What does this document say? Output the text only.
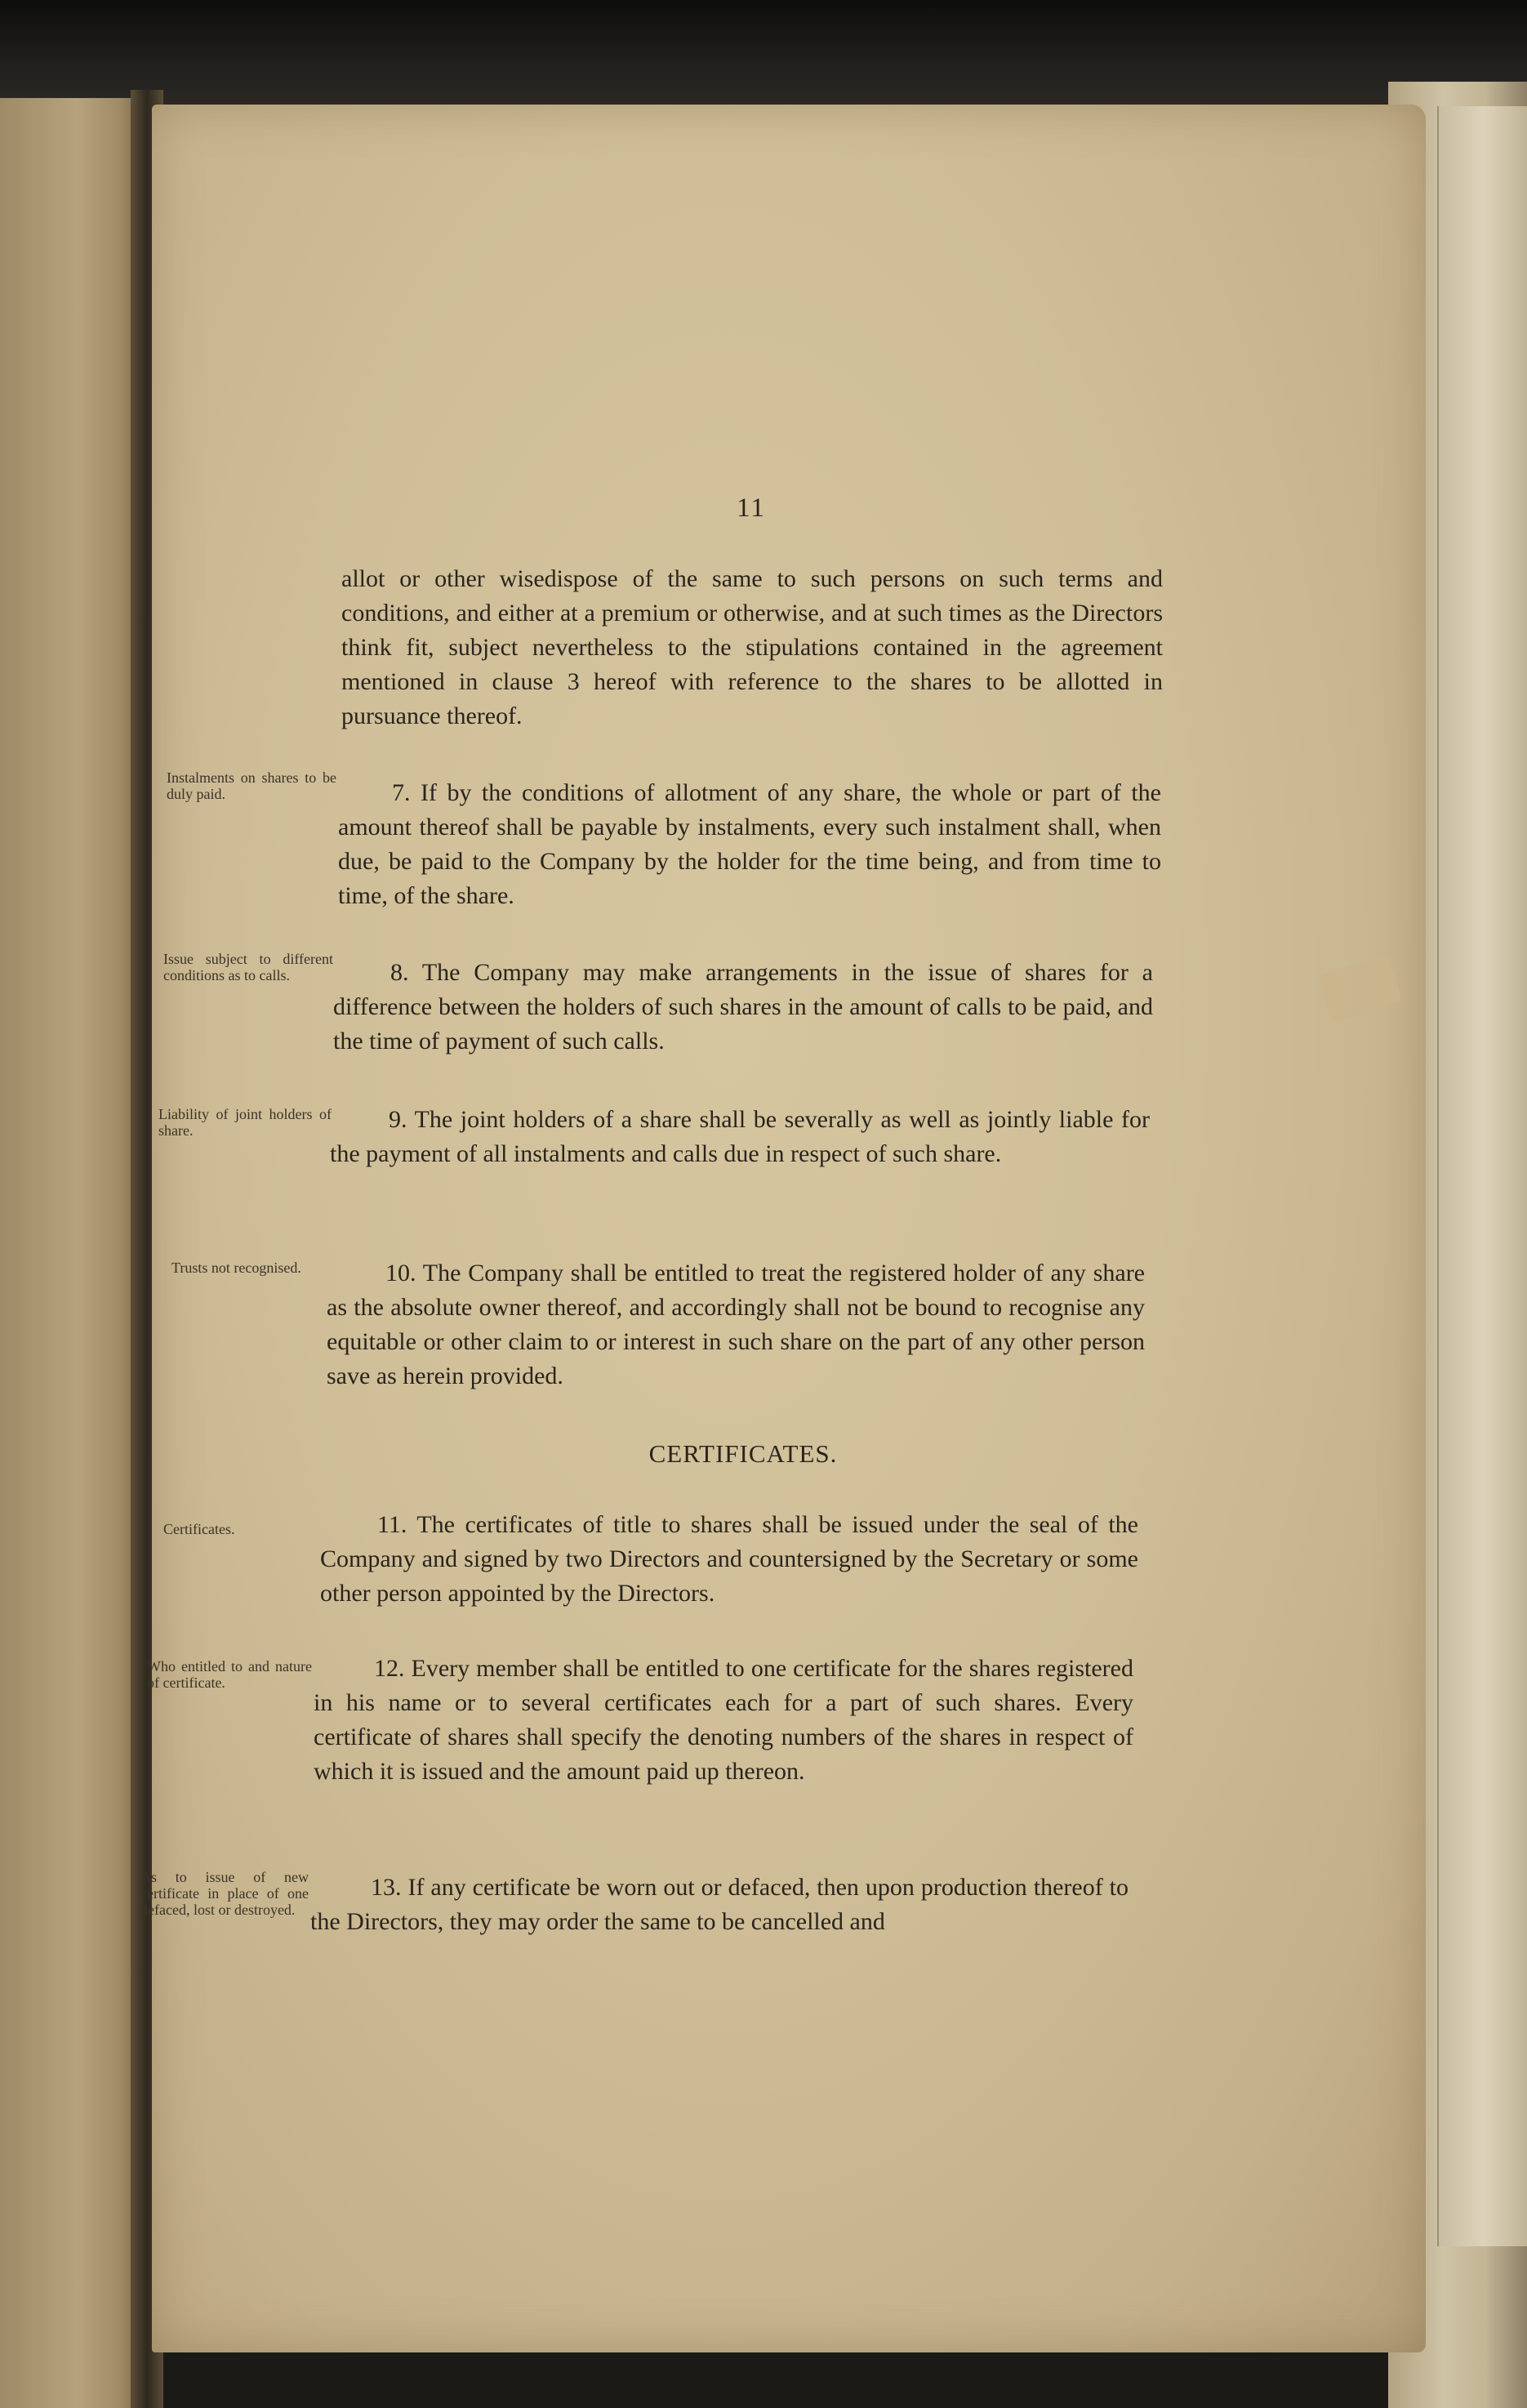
11
allot or other wisedispose of the same to such persons on such terms and conditions, and either at a premium or otherwise, and at such times as the Directors think fit, subject nevertheless to the stipulations contained in the agreement mentioned in clause 3 hereof with reference to the shares to be allotted in pursuance thereof.
Instalments on shares to be duly paid.	7. If by the conditions of allotment of any share, the whole or part of the amount thereof shall be payable by instalments, every such instalment shall, when due, be paid to the Company by the holder for the time being, and from time to time, of the share.
Issue subject to different conditions as to calls.	8. The Company may make arrangements in the issue of shares for a difference between the holders of such shares in the amount of calls to be paid, and the time of payment of such calls.
Liability of joint holders of share.	9. The joint holders of a share shall be severally as well as jointly liable for the payment of all instalments and calls due in respect of such share.
Trusts not recognised.	10. The Company shall be entitled to treat the registered holder of any share as the absolute owner thereof, and accordingly shall not be bound to recognise any equitable or other claim to or interest in such share on the part of any other person save as herein provided.
CERTIFICATES.
Certificates.	11. The certificates of title to shares shall be issued under the seal of the Company and signed by two Directors and countersigned by the Secretary or some other person appointed by the Directors.
Who entitled to and nature of certificate.
12. Every member shall be entitled to one certificate for the shares registered in his name or to several certificates each for a part of such shares. Every certificate of shares shall specify the denoting numbers of the shares in respect of which it is issued and the amount paid up thereon.
As to issue of new certificate in place of one defaced, lost or destroyed.
13. If any certificate be worn out or defaced, then upon production thereof to the Directors, they may order the same to be cancelled and
